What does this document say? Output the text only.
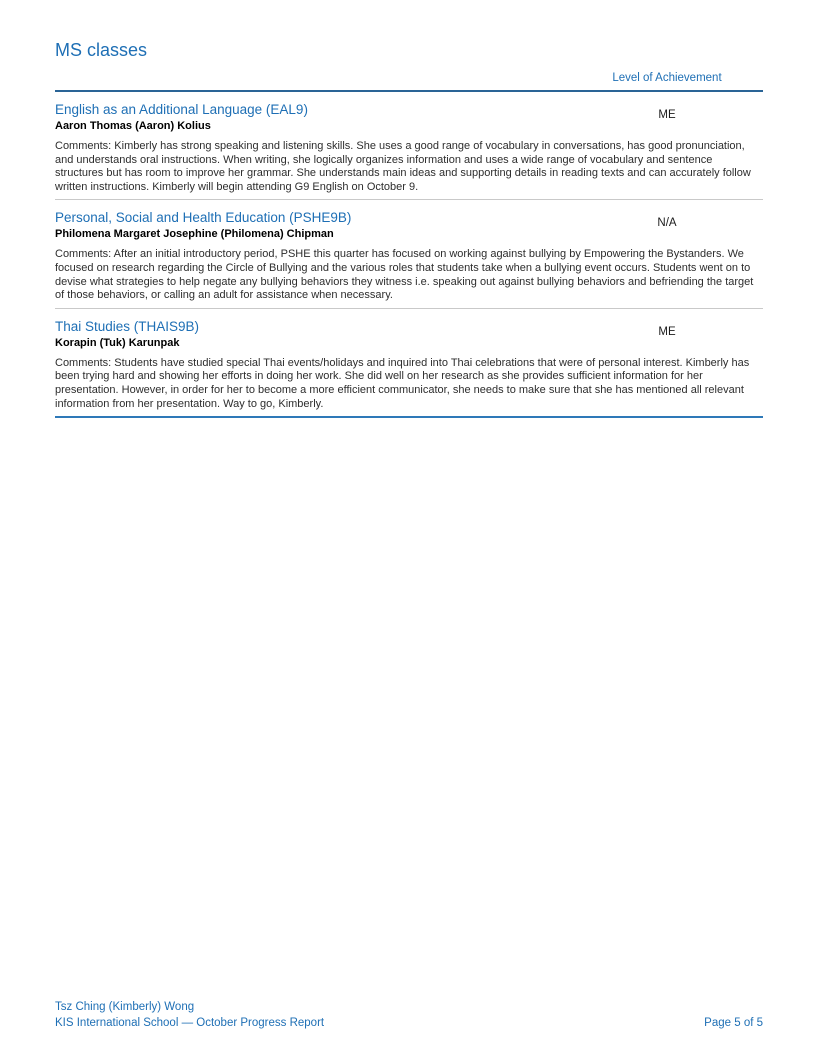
MS classes
Level of Achievement
English as an Additional Language (EAL9)
Aaron Thomas (Aaron) Kolius
ME

Comments: Kimberly has strong speaking and listening skills. She uses a good range of vocabulary in conversations, has good pronunciation, and understands oral instructions. When writing, she logically organizes information and uses a wide range of vocabulary and sentence structures but has room to improve her grammar. She understands main ideas and supporting details in reading texts and can accurately follow written instructions. Kimberly will begin attending G9 English on October 9.

Personal, Social and Health Education (PSHE9B)
Philomena Margaret Josephine (Philomena) Chipman
N/A

Comments: After an initial introductory period, PSHE this quarter has focused on working against bullying by Empowering the Bystanders. We focused on research regarding the Circle of Bullying and the various roles that students take when a bullying event occurs. Students went on to devise what strategies to help negate any bullying behaviors they witness i.e. speaking out against bullying behaviors and befriending the target of those behaviors, or calling an adult for assistance when necessary.

Thai Studies (THAIS9B)
Korapin (Tuk) Karunpak
ME

Comments: Students have studied special Thai events/holidays and inquired into Thai celebrations that were of personal interest. Kimberly has been trying hard and showing her efforts in doing her work. She did well on her research as she provides sufficient information for her presentation. However, in order for her to become a more efficient communicator, she needs to make sure that she has mentioned all relevant information from her presentation. Way to go, Kimberly.

Tsz Ching (Kimberly) Wong
KIS International School — October Progress Report	Page 5 of 5
